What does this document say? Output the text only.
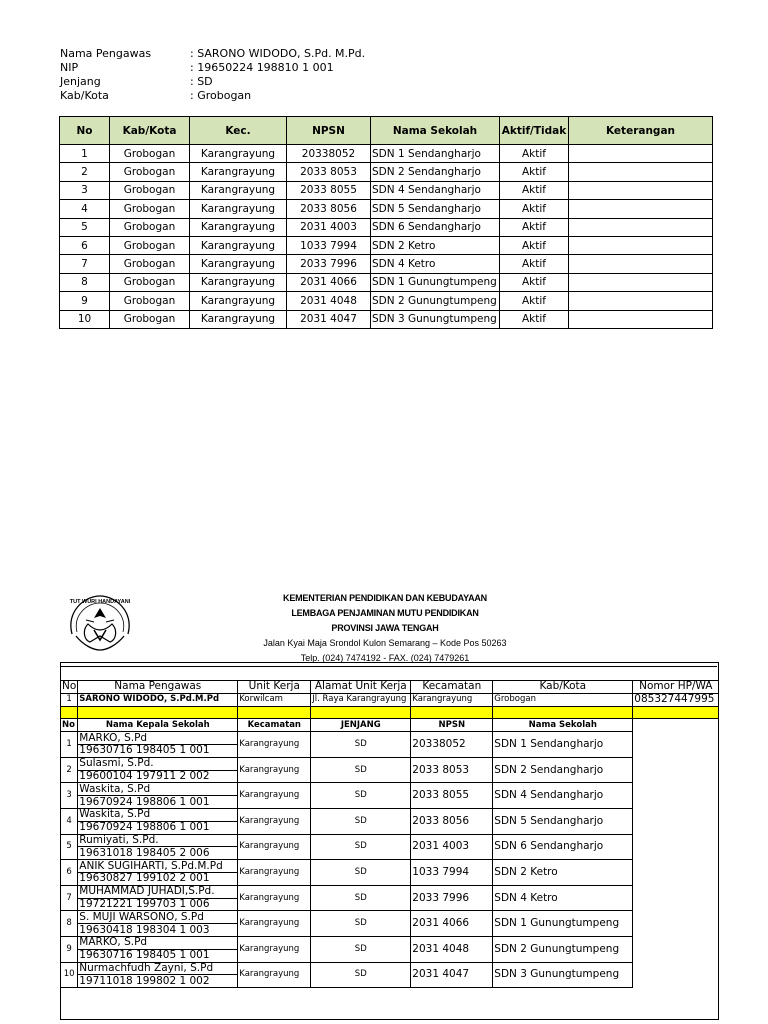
Nama Pengawas	: SARONO WIDODO, S.Pd. M.Pd.
NIP	: 19650224 198810 1 001
Jenjang	: SD
Kab/Kota	: Grobogan
No	Kab/Kota	Kec.	NPSN	Nama Sekolah	Aktif/Tidak	Keterangan
1	Grobogan	Karangrayung	20338052	SDN 1 Sendangharjo	Aktif	
2	Grobogan	Karangrayung	2033 8053	SDN 2 Sendangharjo	Aktif	
3	Grobogan	Karangrayung	2033 8055	SDN 4 Sendangharjo	Aktif	
4	Grobogan	Karangrayung	2033 8056	SDN 5 Sendangharjo	Aktif	
5	Grobogan	Karangrayung	2031 4003	SDN 6 Sendangharjo	Aktif	
6	Grobogan	Karangrayung	1033 7994	SDN 2 Ketro	Aktif	
7	Grobogan	Karangrayung	2033 7996	SDN 4 Ketro	Aktif	
8	Grobogan	Karangrayung	2031 4066	SDN 1 Gunungtumpeng	Aktif	
9	Grobogan	Karangrayung	2031 4048	SDN 2 Gunungtumpeng	Aktif	
10	Grobogan	Karangrayung	2031 4047	SDN 3 Gunungtumpeng	Aktif	
TUT WURI HANDAYANI	KEMENTERIAN PENDIDIKAN DAN KEBUDAYAAN
LEMBAGA PENJAMINAN MUTU PENDIDIKAN
PROVINSI JAWA TENGAH
Jalan Kyai Maja Srondol Kulon Semarang – Kode Pos 50263
Telp. (024) 7474192 - FAX. (024) 7479261
No	Nama Pengawas	Unit Kerja	Alamat Unit Kerja	Kecamatan	Kab/Kota	Nomor HP/WA
1	SARONO WIDODO, S.Pd.M.Pd	Korwilcam	Jl. Raya Karangrayung	Karangrayung	Grobogan	085327447995

No	Nama Kepala Sekolah	Kecamatan	JENJANG	NPSN	Nama Sekolah	
1	MARKO, S.Pd	Karangrayung	SD	20338052	SDN 1 Sendangharjo	
	19630716 198405 1 001					
2	Sulasmi, S.Pd.	Karangrayung	SD	2033 8053	SDN 2 Sendangharjo	
	19600104 197911 2 002					
3	Waskita, S.Pd	Karangrayung	SD	2033 8055	SDN 4 Sendangharjo	
	19670924 198806 1 001					
4	Waskita, S.Pd	Karangrayung	SD	2033 8056	SDN 5 Sendangharjo	
	19670924 198806 1 001					
5	Rumiyati, S.Pd.	Karangrayung	SD	2031 4003	SDN 6 Sendangharjo	
	19631018 198405 2 006					
6	ANIK SUGIHARTI, S.Pd.M.Pd	Karangrayung	SD	1033 7994	SDN 2 Ketro	
	19630827 199102 2 001					
7	MUHAMMAD JUHADI,S.Pd.	Karangrayung	SD	2033 7996	SDN 4 Ketro	
	19721221 199703 1 006					
8	S. MUJI WARSONO, S.Pd	Karangrayung	SD	2031 4066	SDN 1 Gunungtumpeng	
	19630418 198304 1 003					
9	MARKO, S.Pd	Karangrayung	SD	2031 4048	SDN 2 Gunungtumpeng	
	19630716 198405 1 001					
10	Nurmachfudh Zayni, S.Pd	Karangrayung	SD	2031 4047	SDN 3 Gunungtumpeng	
	19711018 199802 1 002					
